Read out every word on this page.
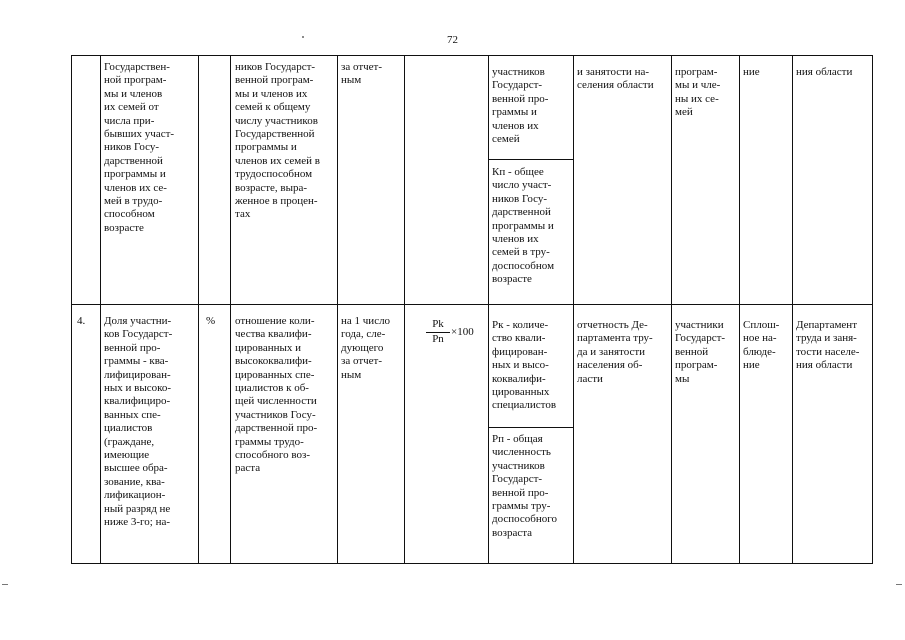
72
Государствен-
ной програм-
мы и членов
их семей от
числа при-
бывших участ-
ников Госу-
дарственной
программы и
членов их се-
мей в трудо-
способном
возрасте
ников Государст-
венной програм-
мы и членов их
семей к общему
числу участников
Государственной
программы и
членов их семей в
трудоспособном
возрасте, выра-
женное в процен-
тах
за отчет-
ным
участников
Государст-
венной про-
граммы и
членов их
семей
Кп - общее
число участ-
ников Госу-
дарственной
программы и
членов их
семей в тру-
доспособном
возрасте
и занятости на-
селения области
програм-
мы и чле-
ны их се-
мей
ние	ния области
4. Доля участни-
ков Государст-
венной про-
граммы - ква-
лифицирован-
ных и высоко-
квалифициро-
ванных спе-
циалистов
(граждане,
имеющие
высшее обра-
зование, ква-
лификацион-
ный разряд не
ниже 3-го; на-
% отношение коли-
чества квалифи-
цированных и
высококвалифи-
цированных спе-
циалистов к об-
щей численности
участников Госу-
дарственной про-
граммы трудо-
способного воз-
раста
на 1 число
года, сле-
дующего
за отчет-
ным
Pk
Pn
×100
Рк - количе-
ство квали-
фицирован-
ных и высо-
коквалифи-
цированных
специалистов
Рп - общая
численность
участников
Государст-
венной про-
граммы тру-
доспособного
возраста
отчетность Де-
партамента тру-
да и занятости
населения об-
ласти
участники
Государст-
венной
програм-
мы
Сплош-
ное на-
блюде-
ние
Департамент
труда и заня-
тости населе-
ния области
